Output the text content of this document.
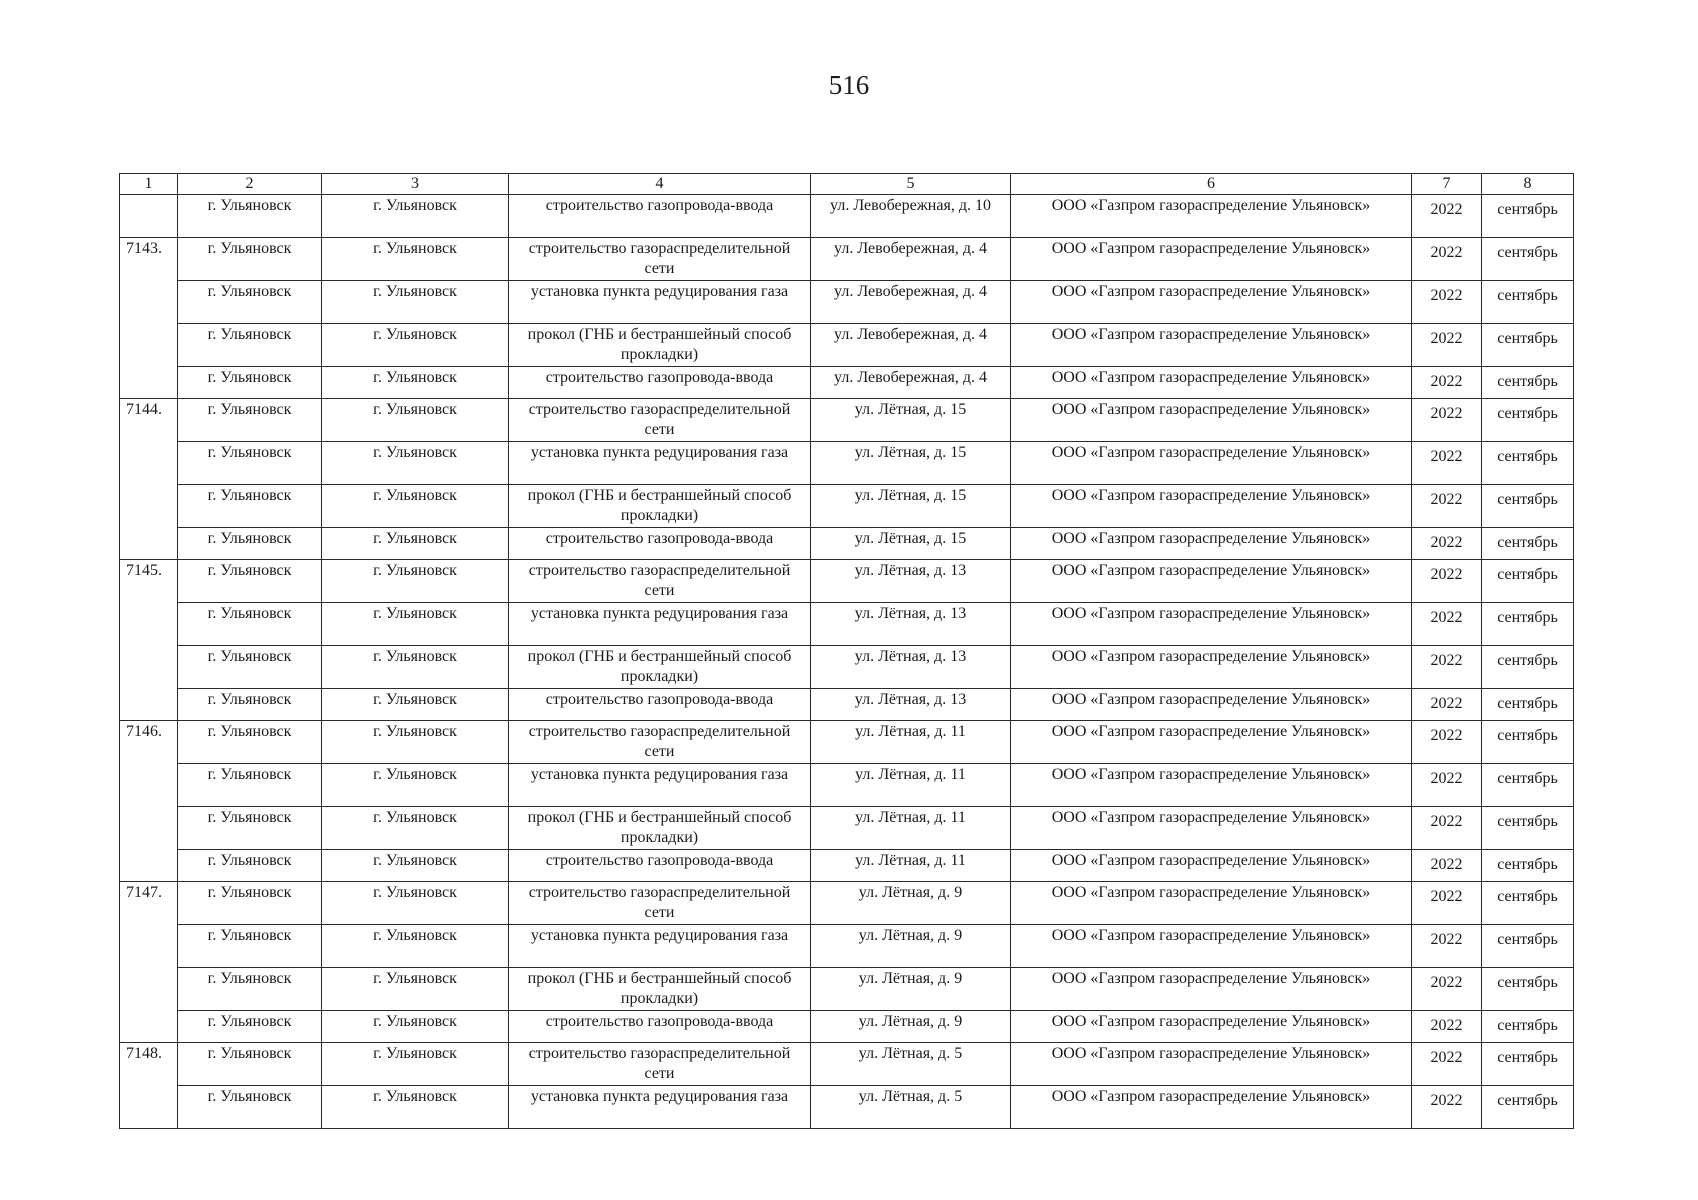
516
1	2	3	4	5	6	7	8
	г. Ульяновск	г. Ульяновск	строительство газопровода-ввода	ул. Левобережная, д. 10	ООО «Газпром газораспределение Ульяновск»	2022	сентябрь
7143.	г. Ульяновск	г. Ульяновск	строительство газораспределительной сети	ул. Левобережная, д. 4	ООО «Газпром газораспределение Ульяновск»	2022	сентябрь
	г. Ульяновск	г. Ульяновск	установка пункта редуцирования газа	ул. Левобережная, д. 4	ООО «Газпром газораспределение Ульяновск»	2022	сентябрь
	г. Ульяновск	г. Ульяновск	прокол (ГНБ и бестраншейный способ прокладки)	ул. Левобережная, д. 4	ООО «Газпром газораспределение Ульяновск»	2022	сентябрь
	г. Ульяновск	г. Ульяновск	строительство газопровода-ввода	ул. Левобережная, д. 4	ООО «Газпром газораспределение Ульяновск»	2022	сентябрь
7144.	г. Ульяновск	г. Ульяновск	строительство газораспределительной сети	ул. Лётная, д. 15	ООО «Газпром газораспределение Ульяновск»	2022	сентябрь
	г. Ульяновск	г. Ульяновск	установка пункта редуцирования газа	ул. Лётная, д. 15	ООО «Газпром газораспределение Ульяновск»	2022	сентябрь
	г. Ульяновск	г. Ульяновск	прокол (ГНБ и бестраншейный способ прокладки)	ул. Лётная, д. 15	ООО «Газпром газораспределение Ульяновск»	2022	сентябрь
	г. Ульяновск	г. Ульяновск	строительство газопровода-ввода	ул. Лётная, д. 15	ООО «Газпром газораспределение Ульяновск»	2022	сентябрь
7145.	г. Ульяновск	г. Ульяновск	строительство газораспределительной сети	ул. Лётная, д. 13	ООО «Газпром газораспределение Ульяновск»	2022	сентябрь
	г. Ульяновск	г. Ульяновск	установка пункта редуцирования газа	ул. Лётная, д. 13	ООО «Газпром газораспределение Ульяновск»	2022	сентябрь
	г. Ульяновск	г. Ульяновск	прокол (ГНБ и бестраншейный способ прокладки)	ул. Лётная, д. 13	ООО «Газпром газораспределение Ульяновск»	2022	сентябрь
	г. Ульяновск	г. Ульяновск	строительство газопровода-ввода	ул. Лётная, д. 13	ООО «Газпром газораспределение Ульяновск»	2022	сентябрь
7146.	г. Ульяновск	г. Ульяновск	строительство газораспределительной сети	ул. Лётная, д. 11	ООО «Газпром газораспределение Ульяновск»	2022	сентябрь
	г. Ульяновск	г. Ульяновск	установка пункта редуцирования газа	ул. Лётная, д. 11	ООО «Газпром газораспределение Ульяновск»	2022	сентябрь
	г. Ульяновск	г. Ульяновск	прокол (ГНБ и бестраншейный способ прокладки)	ул. Лётная, д. 11	ООО «Газпром газораспределение Ульяновск»	2022	сентябрь
	г. Ульяновск	г. Ульяновск	строительство газопровода-ввода	ул. Лётная, д. 11	ООО «Газпром газораспределение Ульяновск»	2022	сентябрь
7147.	г. Ульяновск	г. Ульяновск	строительство газораспределительной сети	ул. Лётная, д. 9	ООО «Газпром газораспределение Ульяновск»	2022	сентябрь
	г. Ульяновск	г. Ульяновск	установка пункта редуцирования газа	ул. Лётная, д. 9	ООО «Газпром газораспределение Ульяновск»	2022	сентябрь
	г. Ульяновск	г. Ульяновск	прокол (ГНБ и бестраншейный способ прокладки)	ул. Лётная, д. 9	ООО «Газпром газораспределение Ульяновск»	2022	сентябрь
	г. Ульяновск	г. Ульяновск	строительство газопровода-ввода	ул. Лётная, д. 9	ООО «Газпром газораспределение Ульяновск»	2022	сентябрь
7148.	г. Ульяновск	г. Ульяновск	строительство газораспределительной сети	ул. Лётная, д. 5	ООО «Газпром газораспределение Ульяновск»	2022	сентябрь
	г. Ульяновск	г. Ульяновск	установка пункта редуцирования газа	ул. Лётная, д. 5	ООО «Газпром газораспределение Ульяновск»	2022	сентябрь
